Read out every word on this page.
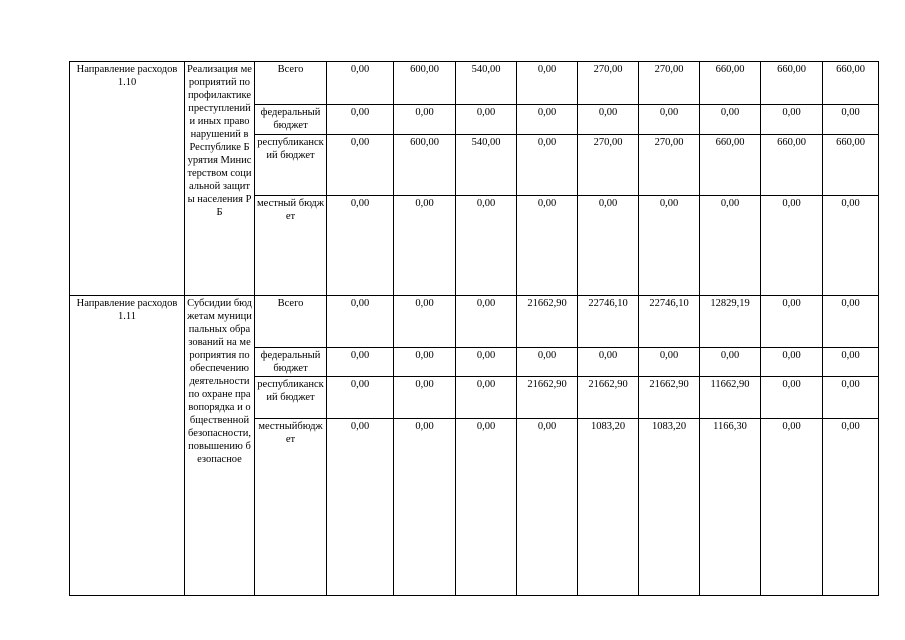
Направление расходов 1.10	Реализация мероприятий по профилактике преступлений и иных правонарушений в Республике Бурятия Министерством социальной защиты населения РБ	Всего	0,00	600,00	540,00	0,00	270,00	270,00	660,00	660,00	660,00
		федеральный бюджет	0,00	0,00	0,00	0,00	0,00	0,00	0,00	0,00	0,00
		республиканский бюджет	0,00	600,00	540,00	0,00	270,00	270,00	660,00	660,00	660,00
		местный бюджет	0,00	0,00	0,00	0,00	0,00	0,00	0,00	0,00	0,00
Направление расходов 1.11	Субсидии бюджетам муниципальных образований на мероприятия по обеспечению деятельности по охране правопорядка и общественной безопасности, повышению безопасное	Всего	0,00	0,00	0,00	21662,90	22746,10	22746,10	12829,19	0,00	0,00
		федеральный бюджет	0,00	0,00	0,00	0,00	0,00	0,00	0,00	0,00	0,00
		республиканский бюджет	0,00	0,00	0,00	21662,90	21662,90	21662,90	11662,90	0,00	0,00
		местныйбюджет	0,00	0,00	0,00	0,00	1083,20	1083,20	1166,30	0,00	0,00
